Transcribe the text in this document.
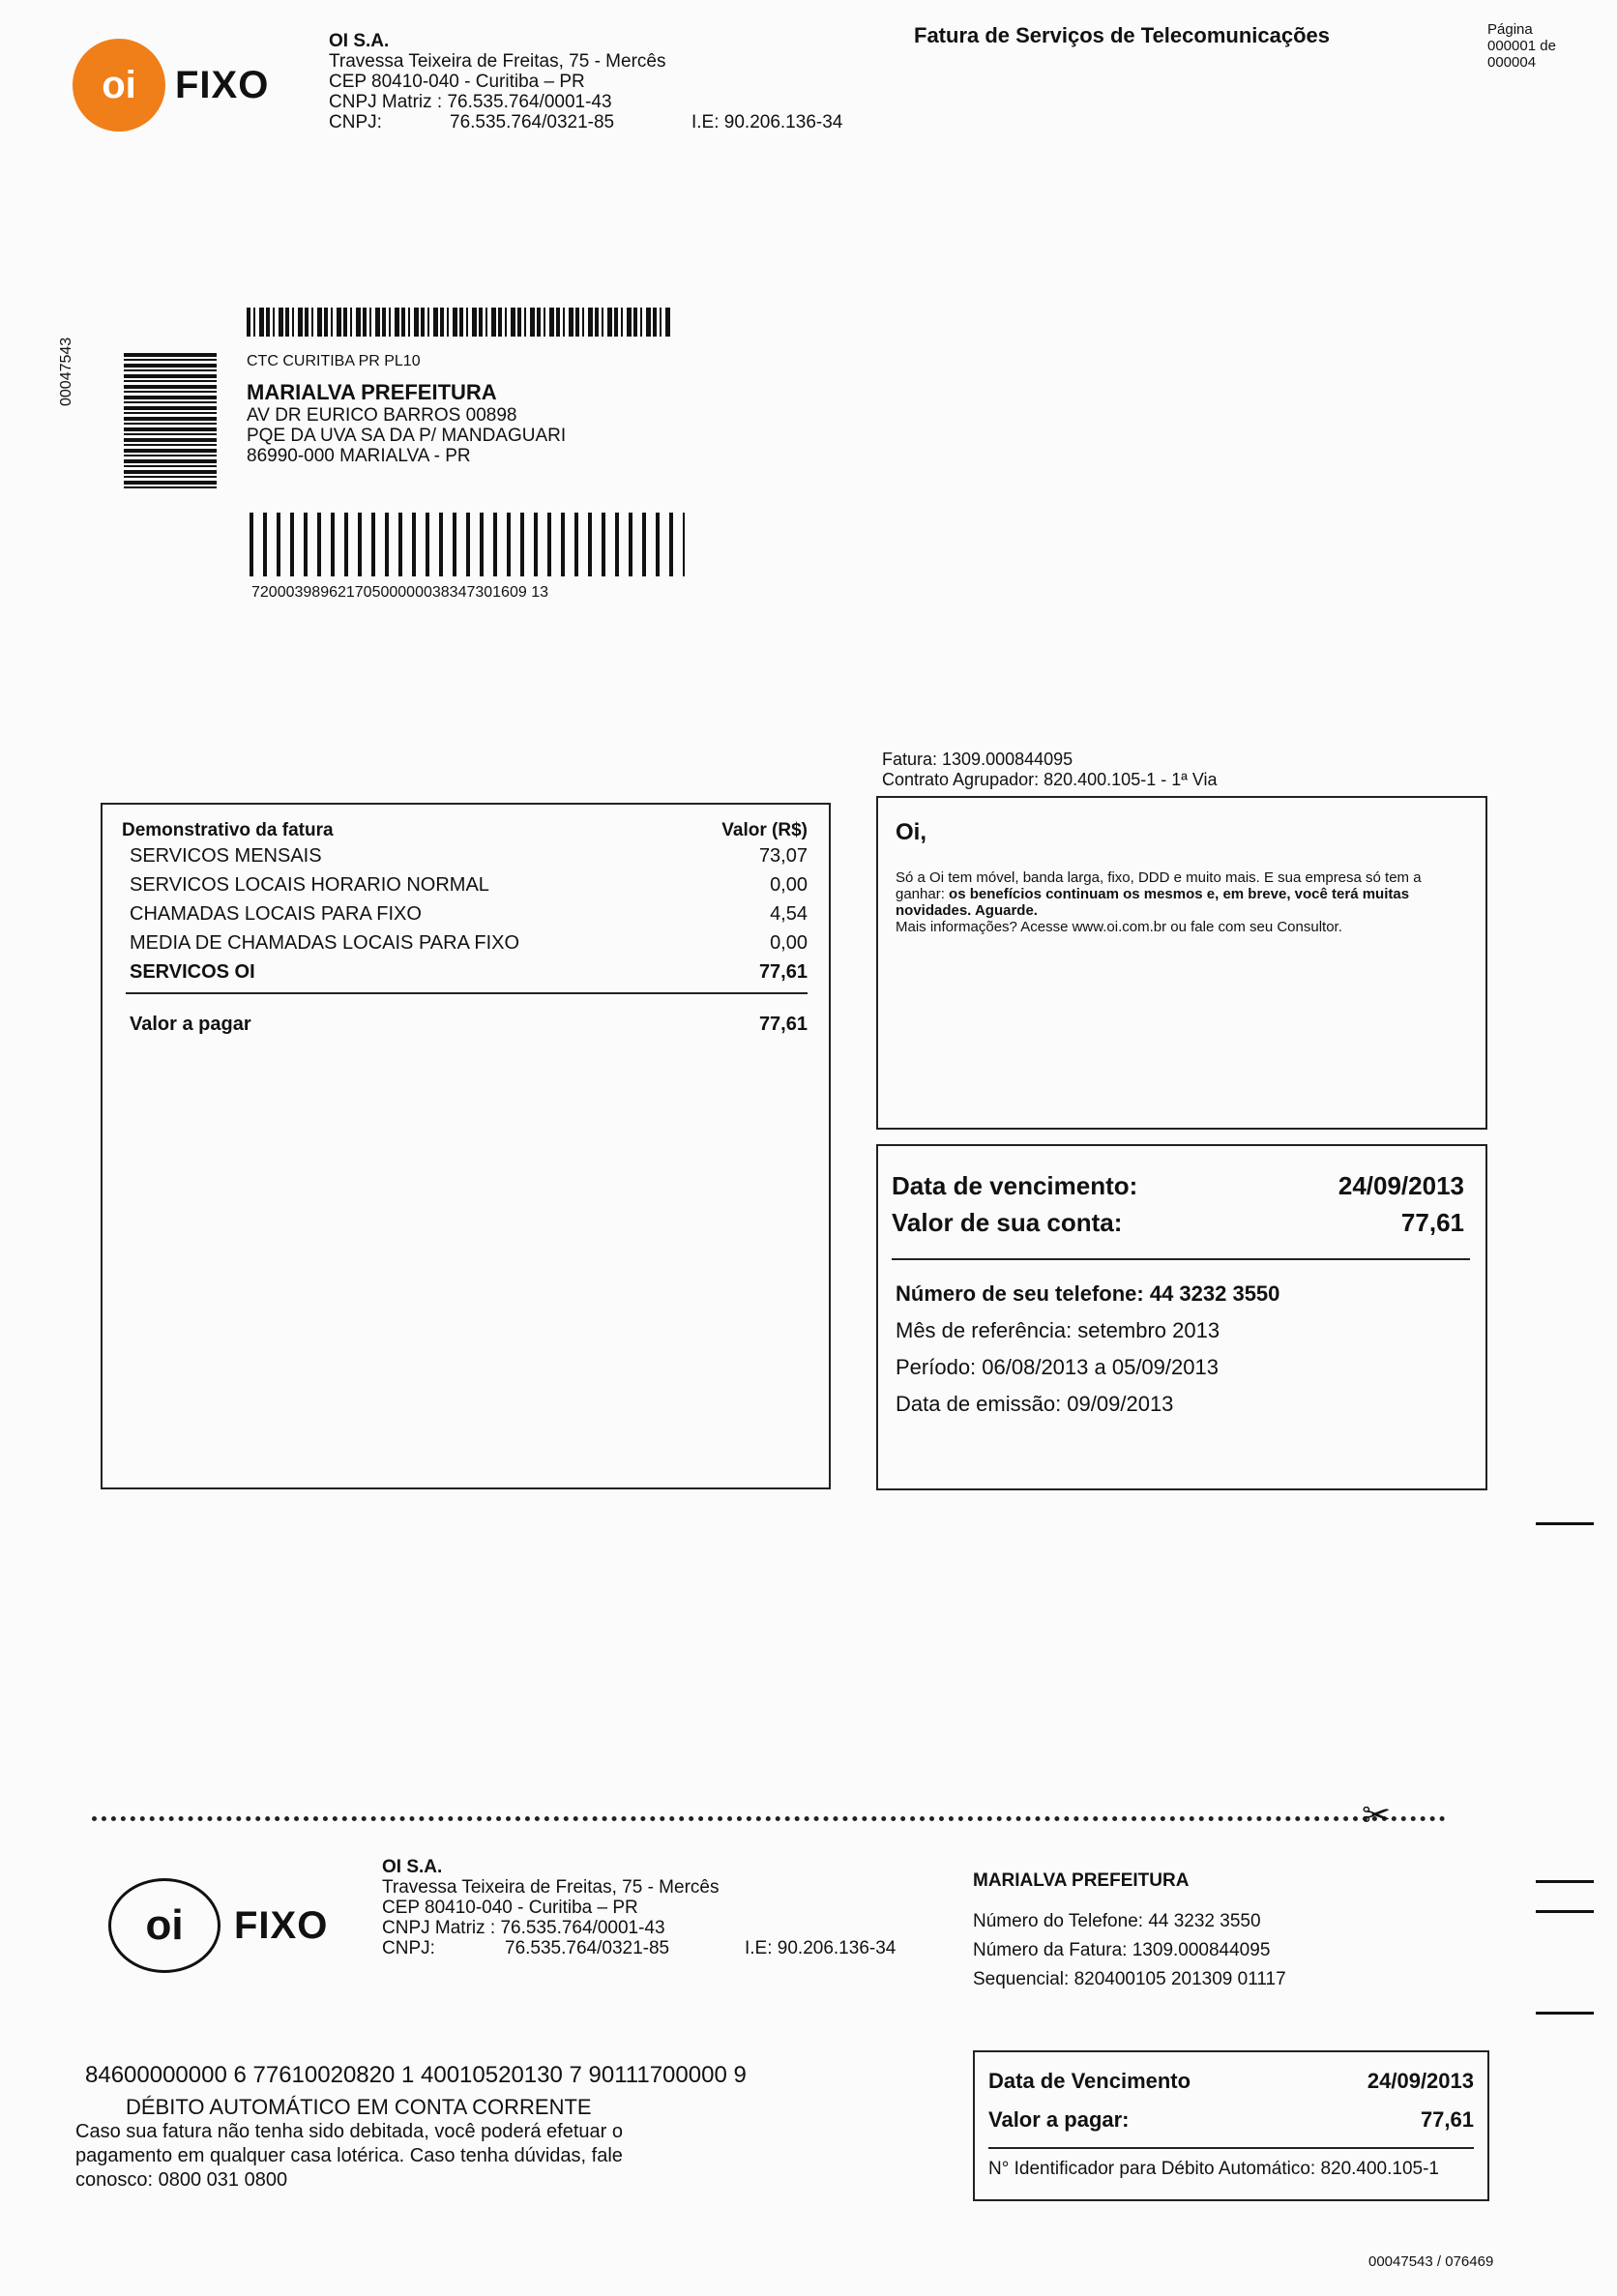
oi	FIXO
OI S.A.
Travessa Teixeira de Freitas, 75 - Mercês
CEP 80410-040 - Curitiba – PR
CNPJ Matriz : 76.535.764/0001-43
CNPJ:	76.535.764/0321-85	I.E: 90.206.136-34
Fatura de Serviços de Telecomunicações	Página
000001 de
000004
00047543	CTC CURITIBA PR PL10
MARIALVA PREFEITURA
AV DR EURICO BARROS 00898
PQE DA UVA SA DA P/ MANDAGUARI
86990-000 MARIALVA - PR
72000398962170500000038347301609 13
Fatura: 1309.000844095
Contrato Agrupador: 820.400.105-1 - 1ª Via
Demonstrativo da fatura	Valor (R$)
SERVICOS MENSAIS	73,07
SERVICOS LOCAIS HORARIO NORMAL	0,00
CHAMADAS LOCAIS PARA FIXO	4,54
MEDIA DE CHAMADAS LOCAIS PARA FIXO	0,00
SERVICOS OI	77,61
Valor a pagar	77,61
Oi,
Só a Oi tem móvel, banda larga, fixo, DDD e muito mais. E sua empresa só tem a ganhar: os benefícios continuam os mesmos e, em breve, você terá muitas novidades. Aguarde.
Mais informações? Acesse www.oi.com.br ou fale com seu Consultor.
Data de vencimento:	24/09/2013
Valor de sua conta:	77,61
Número de seu telefone: 44 3232 3550
Mês de referência: setembro 2013
Período: 06/08/2013 a 05/09/2013
Data de emissão: 09/09/2013
✂
oi FIXO
OI S.A.
Travessa Teixeira de Freitas, 75 - Mercês
CEP 80410-040 - Curitiba – PR
CNPJ Matriz : 76.535.764/0001-43
CNPJ:	76.535.764/0321-85	I.E: 90.206.136-34
MARIALVA PREFEITURA
Número do Telefone: 44 3232 3550
Número da Fatura: 1309.000844095
Sequencial: 820400105 201309 01117
84600000000 6 77610020820 1 40010520130 7 90111700000 9
DÉBITO AUTOMÁTICO EM CONTA CORRENTE
Caso sua fatura não tenha sido debitada, você poderá efetuar o pagamento em qualquer casa lotérica. Caso tenha dúvidas, fale conosco: 0800 031 0800
Data de Vencimento	24/09/2013
Valor a pagar:	77,61
N° Identificador para Débito Automático: 820.400.105-1
00047543 / 076469
